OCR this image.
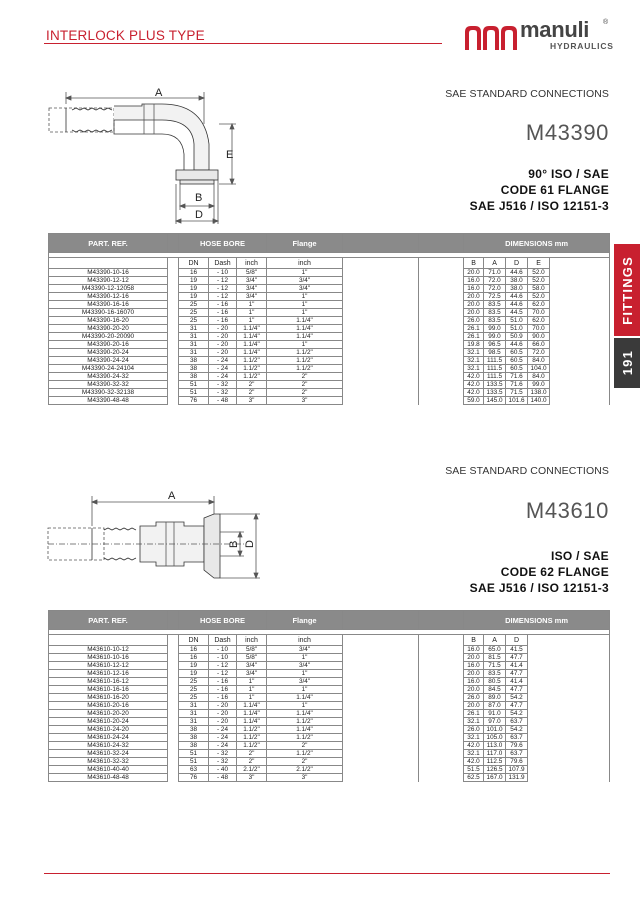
INTERLOCK PLUS TYPE	manuli
HYDRAULICS
®
FITTINGS
191
SAE STANDARD CONNECTIONS
M43390
90° ISO / SAE
CODE 61 FLANGE
SAE J516 / ISO 12151-3
A
E
B
D
PART. REF.		HOSE BORE			Flange			DIMENSIONS mm				

		DN	Dash	inch	inch			B	A	D	E	
M43390-10-16		16	- 10	5/8"	1"			20.0	71.0	44.6	52.0	
M43390-12-12		19	- 12	3/4"	3/4"			16.0	72.0	38.0	52.0	
M43390-12-12058		19	- 12	3/4"	3/4"			16.0	72.0	38.0	58.0	
M43390-12-16		19	- 12	3/4"	1"			20.0	72.5	44.6	52.0	
M43390-16-16		25	- 16	1"	1"			20.0	83.5	44.6	62.0	
M43390-16-16070		25	- 16	1"	1"			20.0	83.5	44.5	70.0	
M43390-16-20		25	- 16	1"	1.1/4"			26.0	83.5	51.0	62.0	
M43390-20-20		31	- 20	1.1/4"	1.1/4"			26.1	99.0	51.0	70.0	
M43390-20-20090		31	- 20	1.1/4"	1.1/4"			26.1	99.0	50.9	90.0	
M43390-20-16		31	- 20	1.1/4"	1"			19.8	96.5	44.6	66.0	
M43390-20-24		31	- 20	1.1/4"	1.1/2"			32.1	98.5	60.5	72.0	
M43390-24-24		38	- 24	1.1/2"	1.1/2"			32.1	111.5	60.5	84.0	
M43390-24-24104		38	- 24	1.1/2"	1.1/2"			32.1	111.5	60.5	104.0	
M43390-24-32		38	- 24	1.1/2"	2"			42.0	111.5	71.6	84.0	
M43390-32-32		51	- 32	2"	2"			42.0	133.5	71.6	99.0	
M43390-32-32138		51	- 32	2"	2"			42.0	133.5	71.5	138.0	
M43390-48-48		76	- 48	3"	3"			59.0	145.0	101.6	140.0	
SAE STANDARD CONNECTIONS
M43610
ISO / SAE
CODE 62 FLANGE
SAE J516 / ISO 12151-3
A
B D
PART. REF.		HOSE BORE			Flange			DIMENSIONS mm			

		DN	Dash	inch	inch			B	A	D	
M43610-10-12		16	- 10	5/8"	3/4"			16.0	65.0	41.5	
M43610-10-16		16	- 10	5/8"	1"			20.0	81.5	47.7	
M43610-12-12		19	- 12	3/4"	3/4"			16.0	71.5	41.4	
M43610-12-16		19	- 12	3/4"	1"			20.0	83.5	47.7	
M43610-16-12		25	- 16	1"	3/4"			16.0	80.5	41.4	
M43610-16-16		25	- 16	1"	1"			20.0	84.5	47.7	
M43610-16-20		25	- 16	1"	1.1/4"			26.0	89.0	54.2	
M43610-20-16		31	- 20	1.1/4"	1"			20.0	87.0	47.7	
M43610-20-20		31	- 20	1.1/4"	1.1/4"			26.1	91.0	54.2	
M43610-20-24		31	- 20	1.1/4"	1.1/2"			32.1	97.0	63.7	
M43610-24-20		38	- 24	1.1/2"	1.1/4"			26.0	101.0	54.2	
M43610-24-24		38	- 24	1.1/2"	1.1/2"			32.1	105.0	63.7	
M43610-24-32		38	- 24	1.1/2"	2"			42.0	113.0	79.6	
M43610-32-24		51	- 32	2"	1.1/2"			32.1	117.0	63.7	
M43610-32-32		51	- 32	2"	2"			42.0	112.5	79.6	
M43610-40-40		63	- 40	2.1/2"	2.1/2"			51.5	126.5	107.9	
M43610-48-48		76	- 48	3"	3"			62.5	167.0	131.9	
